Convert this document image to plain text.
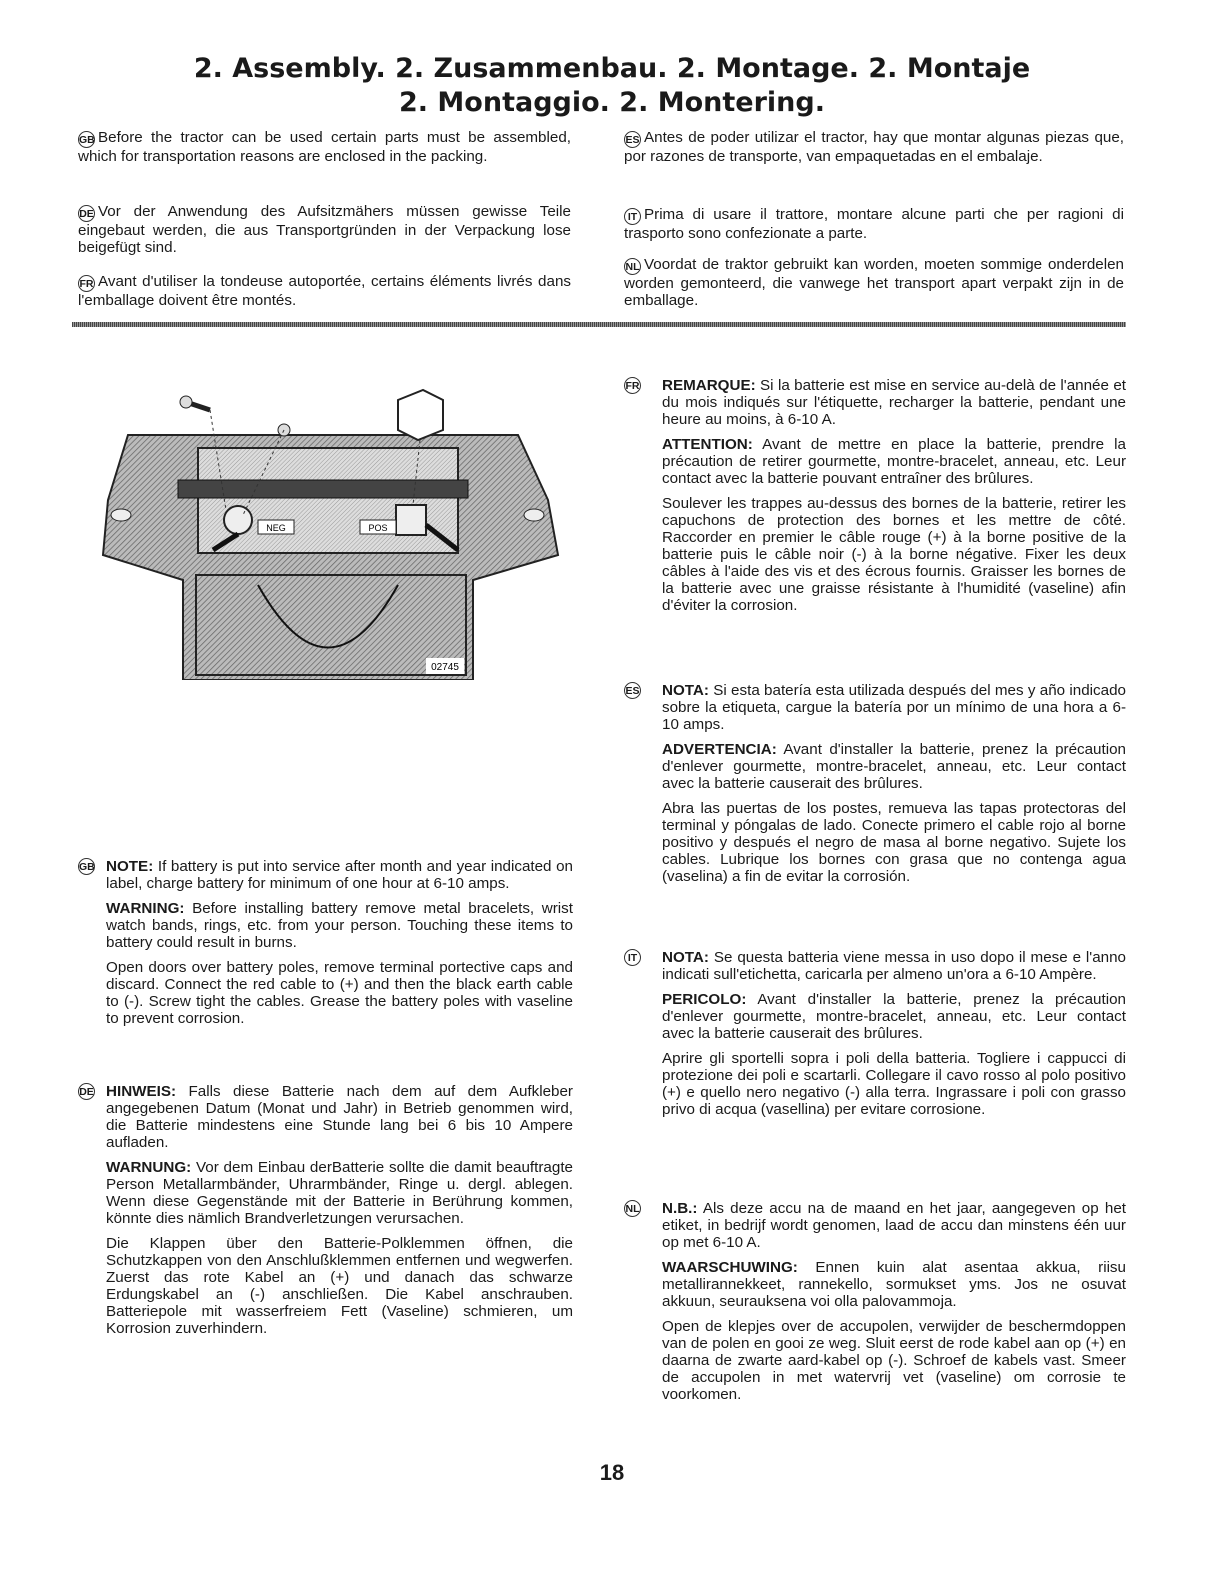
2. Assembly. 2. Zusammenbau. 2. Montage. 2. Montaje
2. Montaggio. 2. Montering.

GB Before the tractor can be used certain parts must be assembled, which for transportation reasons are enclosed in the packing.

DE Vor der Anwendung des Aufsitzmähers müssen gewisse Teile eingebaut werden, die aus Transportgründen in der Verpackung lose beigefügt sind.

FR Avant d'utiliser la tondeuse autoportée, certains éléments livrés dans l'emballage doivent être montés.

ES Antes de poder utilizar el tractor, hay que montar algunas piezas que, por razones de transporte, van empaquetadas en el embalaje.

IT Prima di usare il trattore, montare alcune parti che per ragioni di trasporto sono confezionate a parte.

NL Voordat de traktor gebruikt kan worden, moeten sommige onderdelen worden gemonteerd, die vanwege het transport apart verpakt zijn in de emballage.

NEG	POS
02745
GB NOTE: If battery is put into service after month and year indicated on label, charge battery for minimum of one hour at 6-10 amps.

WARNING: Before installing battery remove metal bracelets, wrist watch bands, rings, etc. from your person. Touching these items to battery could result in burns.

Open doors over battery poles, remove terminal portective caps and discard. Connect the red cable to (+) and then the black earth cable to (-). Screw tight the cables. Grease the battery poles with vaseline to prevent corrosion.

DE HINWEIS: Falls diese Batterie nach dem auf dem Aufkleber angegebenen Datum (Monat und Jahr) in Betrieb genommen wird, die Batterie mindestens eine Stunde lang bei 6 bis 10 Ampere aufladen.

WARNUNG: Vor dem Einbau derBatterie sollte die damit beauftragte Person Metallarmbänder, Uhrarmbänder, Ringe u. dergl. ablegen. Wenn diese Gegenstände mit der Batterie in Berührung kommen, könnte dies nämlich Brandverletzungen verursachen.

Die Klappen über den Batterie-Polklemmen öffnen, die Schutzkappen von den Anschlußklemmen entfernen und wegwerfen. Zuerst das rote Kabel an (+) und danach das schwarze Erdungskabel an (-) anschließen. Die Kabel anschrauben. Batteriepole mit wasserfreiem Fett (Vaseline) schmieren, um Korrosion zuverhindern.

FR REMARQUE: Si la batterie est mise en service au-delà de l'année et du mois indiqués sur l'étiquette, recharger la batterie, pendant une heure au moins, à 6-10 A.

ATTENTION: Avant de mettre en place la batterie, prendre la précaution de retirer gourmette, montre-bracelet, anneau, etc. Leur contact avec la batterie pouvant entraîner des brûlures.

Soulever les trappes au-dessus des bornes de la batterie, retirer les capuchons de protection des bornes et les mettre de côté. Raccorder en premier le câble rouge (+) à la borne positive de la batterie puis le câble noir (-) à la borne négative. Fixer les deux câbles à l'aide des vis et des écrous fournis. Graisser les bornes de la batterie avec une graisse résistante à l'humidité (vaseline) afin d'éviter la corrosion.

ES NOTA: Si esta batería esta utilizada después del mes y año indicado sobre la etiqueta, cargue la batería por un mínimo de una hora a 6-10 amps.

ADVERTENCIA: Avant d'installer la batterie, prenez la précaution d'enlever gourmette, montre-bracelet, anneau, etc. Leur contact avec la batterie causerait des brûlures.

Abra las puertas de los postes, remueva las tapas protectoras del terminal y póngalas de lado. Conecte primero el cable rojo al borne positivo y después el negro de masa al borne negativo. Sujete los cables. Lubrique los bornes con grasa que no contenga agua (vaselina) a fin de evitar la corrosión.

IT NOTA: Se questa batteria viene messa in uso dopo il mese e l'anno indicati sull'etichetta, caricarla per almeno un'ora a 6-10 Ampère.

PERICOLO: Avant d'installer la batterie, prenez la précaution d'enlever gourmette, montre-bracelet, anneau, etc. Leur contact avec la batterie causerait des brûlures.

Aprire gli sportelli sopra i poli della batteria. Togliere i cappucci di protezione dei poli e scartarli. Collegare il cavo rosso al polo positivo (+) e quello nero negativo (-) alla terra. Ingrassare i poli con grasso privo di acqua (vasellina) per evitare corrosione.

NL N.B.: Als deze accu na de maand en het jaar, aangegeven op het etiket, in bedrijf wordt genomen, laad de accu dan minstens één uur op met 6-10 A.

WAARSCHUWING: Ennen kuin alat asentaa akkua, riisu metallirannekkeet, rannekello, sormukset yms. Jos ne osuvat akkuun, seurauksena voi olla palovammoja.

Open de klepjes over de accupolen, verwijder de beschermdoppen van de polen en gooi ze weg. Sluit eerst de rode kabel aan op (+) en daarna de zwarte aard-kabel op (-). Schroef de kabels vast. Smeer de accupolen in met watervrij vet (vaseline) om corrosie te voorkomen.

18
